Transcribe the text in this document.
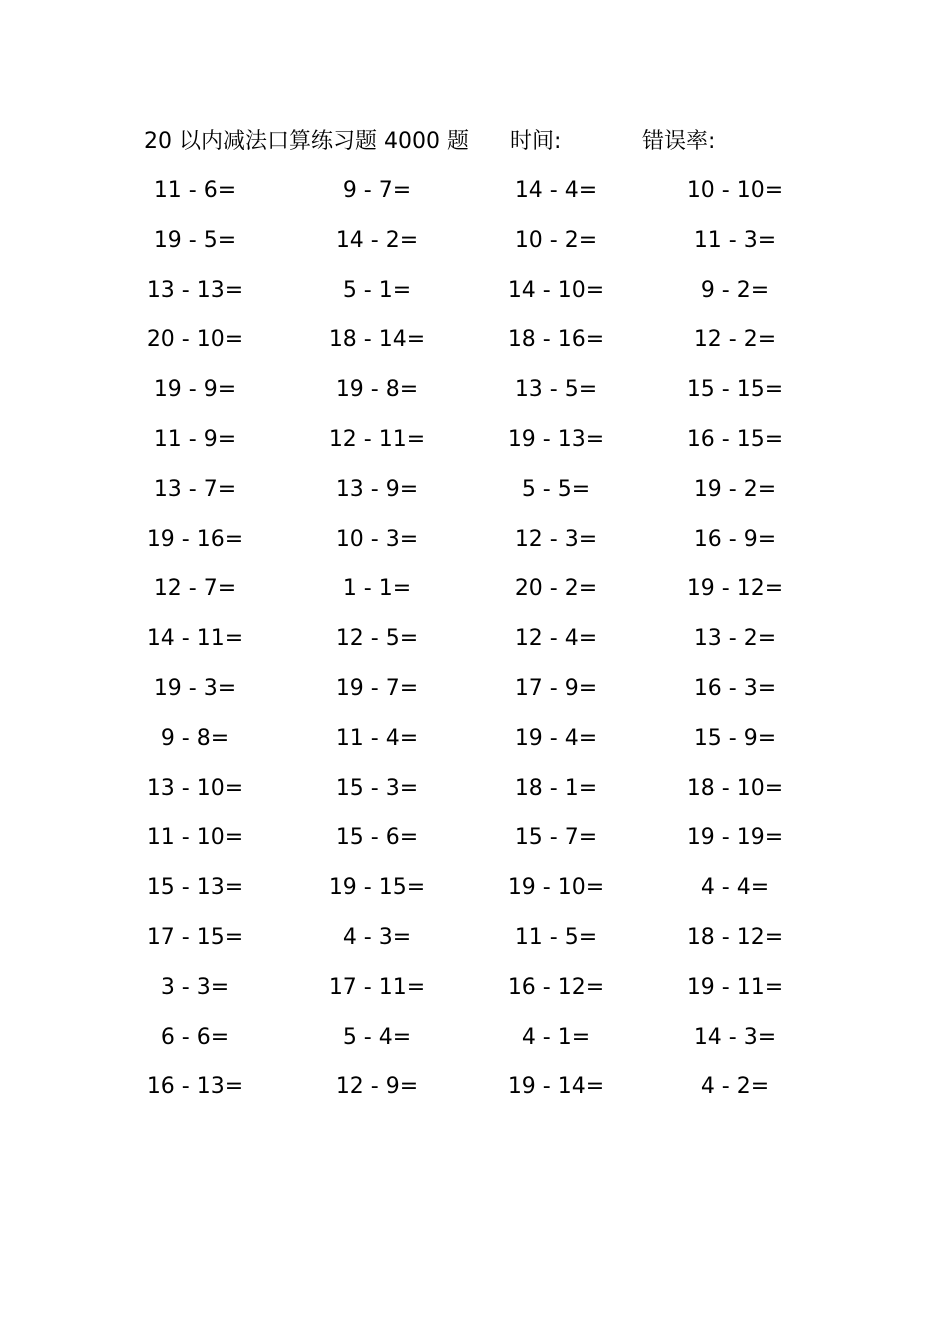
20 以内减法口算练习题 4000 题 时间:	错误率:
11 - 6=	9 - 7=	14 - 4=	10 - 10=
19 - 5=	14 - 2=	10 - 2=	11 - 3=
13 - 13=	5 - 1=	14 - 10=	9 - 2=
20 - 10=	18 - 14=	18 - 16=	12 - 2=
19 - 9=	19 - 8=	13 - 5=	15 - 15=
11 - 9=	12 - 11=	19 - 13=	16 - 15=
13 - 7=	13 - 9=	5 - 5=	19 - 2=
19 - 16=	10 - 3=	12 - 3=	16 - 9=
12 - 7=	1 - 1=	20 - 2=	19 - 12=
14 - 11=	12 - 5=	12 - 4=	13 - 2=
19 - 3=	19 - 7=	17 - 9=	16 - 3=
9 - 8=	11 - 4=	19 - 4=	15 - 9=
13 - 10=	15 - 3=	18 - 1=	18 - 10=
11 - 10=	15 - 6=	15 - 7=	19 - 19=
15 - 13=	19 - 15=	19 - 10=	4 - 4=
17 - 15=	4 - 3=	11 - 5=	18 - 12=
3 - 3=	17 - 11=	16 - 12=	19 - 11=
6 - 6=	5 - 4=	4 - 1=	14 - 3=
16 - 13=	12 - 9=	19 - 14=	4 - 2=
